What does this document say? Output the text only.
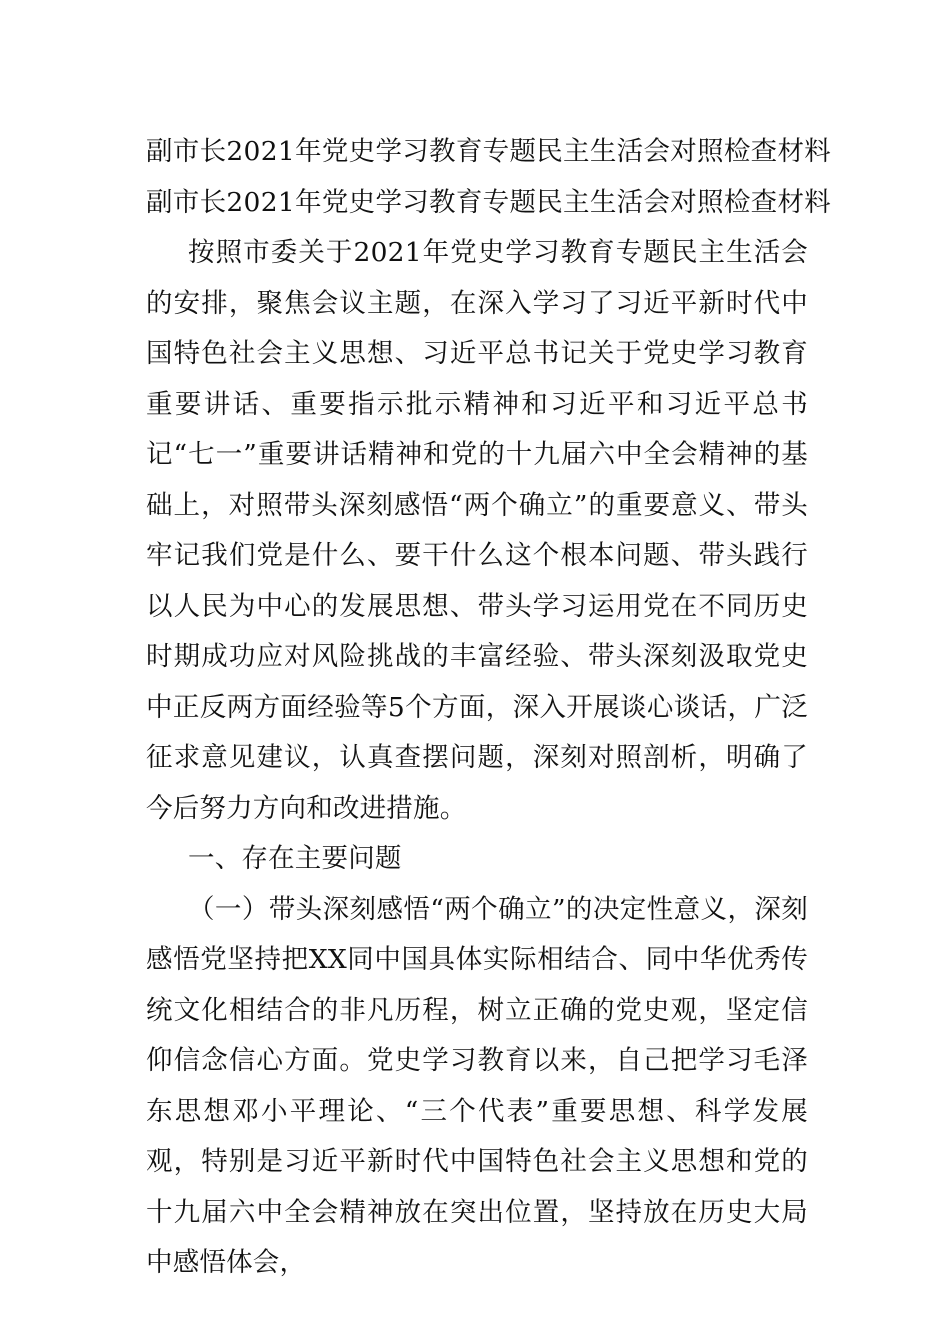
副市长2021年党史学习教育专题民主生活会对照检查材料

副市长2021年党史学习教育专题民主生活会对照检查材料

按照市委关于2021年党史学习教育专题民主生活会的安排，聚焦会议主题，在深入学习了习近平新时代中国特色社会主义思想、习近平总书记关于党史学习教育重要讲话、重要指示批示精神和习近平和习近平总书记“七一”重要讲话精神和党的十九届六中全会精神的基础上，对照带头深刻感悟“两个确立”的重要意义、带头牢记我们党是什么、要干什么这个根本问题、带头践行以人民为中心的发展思想、带头学习运用党在不同历史时期成功应对风险挑战的丰富经验、带头深刻汲取党史中正反两方面经验等5个方面，深入开展谈心谈话，广泛征求意见建议，认真查摆问题，深刻对照剖析，明确了今后努力方向和改进措施。

一、存在主要问题

（一）带头深刻感悟“两个确立”的决定性意义，深刻感悟党坚持把XX同中国具体实际相结合、同中华优秀传统文化相结合的非凡历程，树立正确的党史观，坚定信仰信念信心方面。党史学习教育以来，自己把学习毛泽东思想邓小平理论、“三个代表”重要思想、科学发展观，特别是习近平新时代中国特色社会主义思想和党的十九届六中全会精神放在突出位置，坚持放在历史大局中感悟体会，
